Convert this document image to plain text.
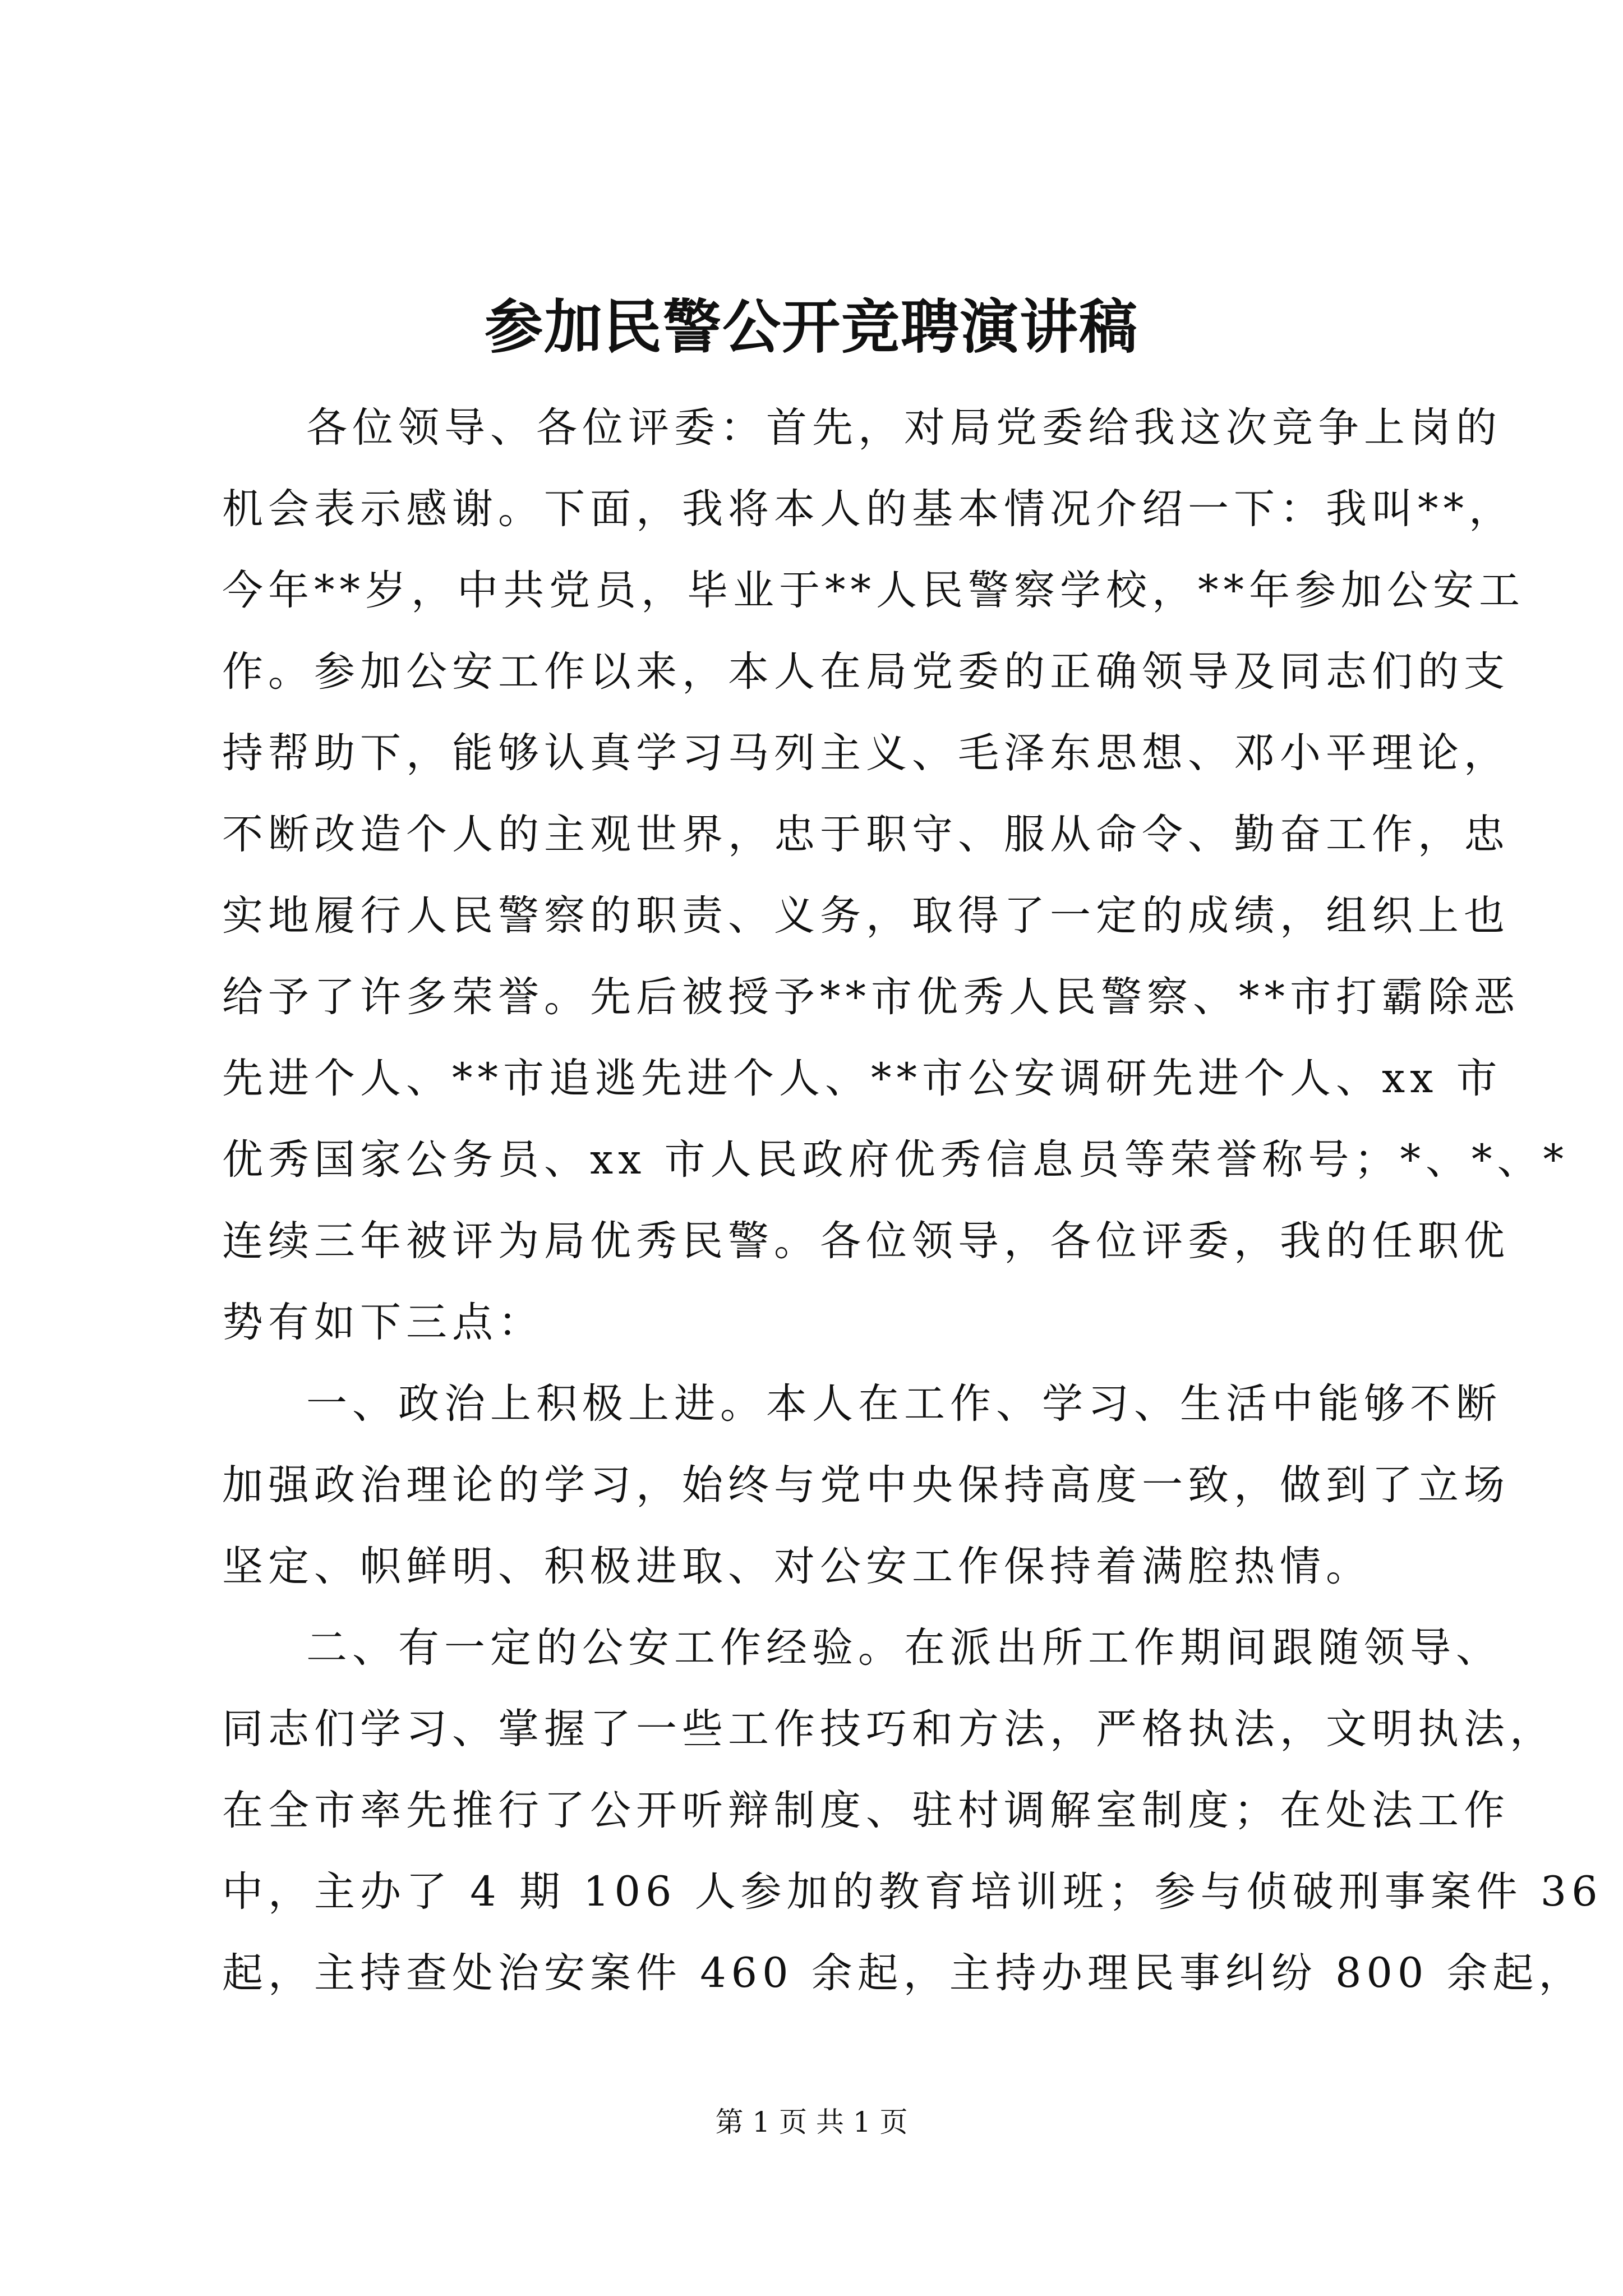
参加民警公开竞聘演讲稿
各位领导、各位评委：首先，对局党委给我这次竞争上岗的
机会表示感谢。下面，我将本人的基本情况介绍一下：我叫**，
今年**岁，中共党员，毕业于**人民警察学校，**年参加公安工
作。参加公安工作以来，本人在局党委的正确领导及同志们的支
持帮助下，能够认真学习马列主义、毛泽东思想、邓小平理论，
不断改造个人的主观世界，忠于职守、服从命令、勤奋工作，忠
实地履行人民警察的职责、义务，取得了一定的成绩，组织上也
给予了许多荣誉。先后被授予**市优秀人民警察、**市打霸除恶
先进个人、**市追逃先进个人、**市公安调研先进个人、xx 市
优秀国家公务员、xx 市人民政府优秀信息员等荣誉称号；*、*、*
连续三年被评为局优秀民警。各位领导，各位评委，我的任职优
势有如下三点：
一、政治上积极上进。本人在工作、学习、生活中能够不断
加强政治理论的学习，始终与党中央保持高度一致，做到了立场
坚定、帜鲜明、积极进取、对公安工作保持着满腔热情。
二、有一定的公安工作经验。在派出所工作期间跟随领导、
同志们学习、掌握了一些工作技巧和方法，严格执法，文明执法，
在全市率先推行了公开听辩制度、驻村调解室制度；在处法工作
中，主办了 4 期 106 人参加的教育培训班；参与侦破刑事案件 36
起，主持查处治安案件 460 余起，主持办理民事纠纷 800 余起，
第 1 页 共 1 页
